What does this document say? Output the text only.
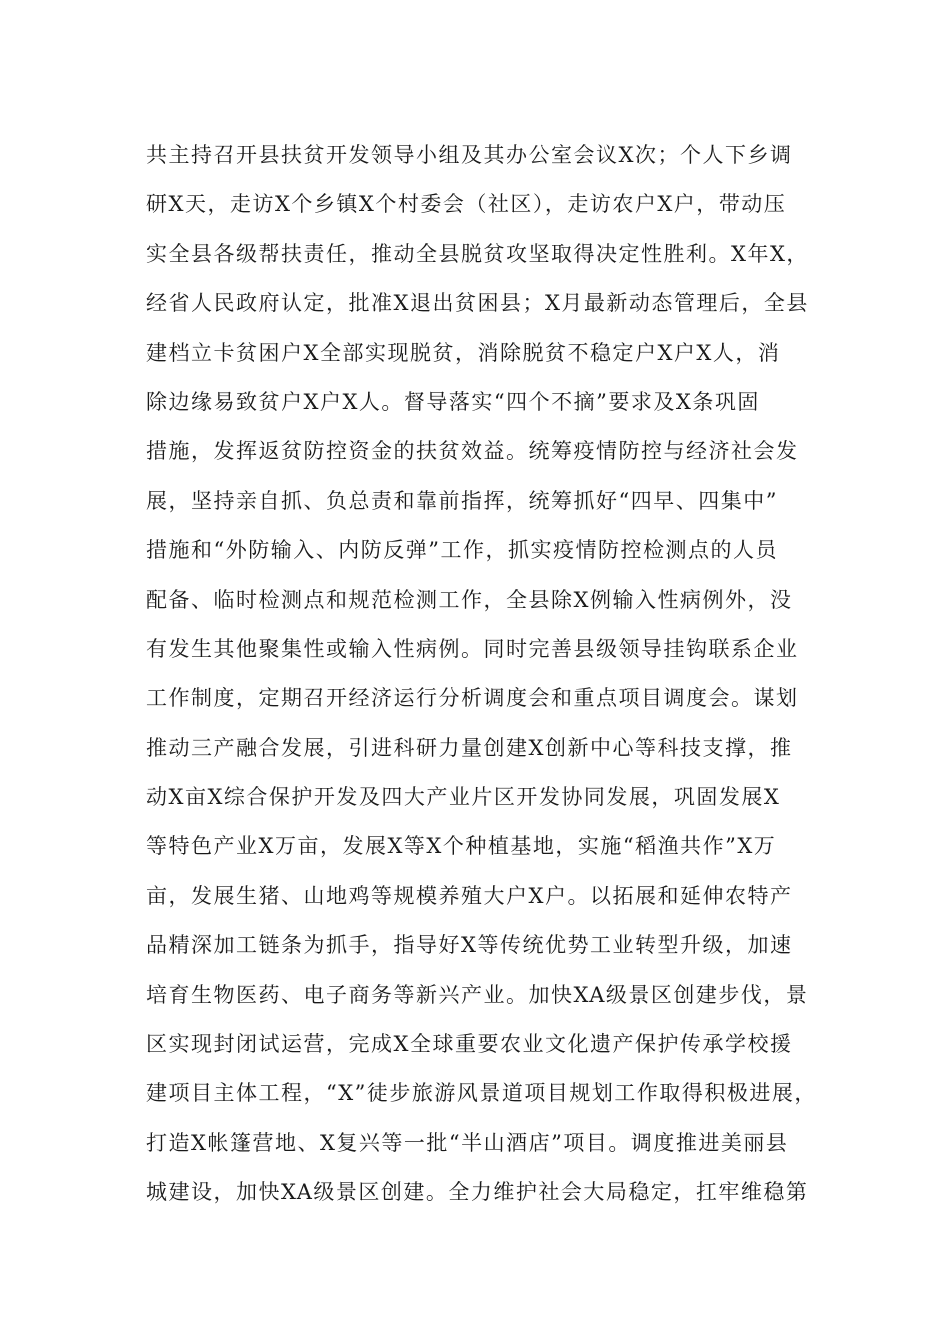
共主持召开县扶贫开发领导小组及其办公室会议X次；个人下乡调
研X天，走访X个乡镇X个村委会（社区），走访农户X户，带动压
实全县各级帮扶责任，推动全县脱贫攻坚取得决定性胜利。X年X，
经省人民政府认定，批准X退出贫困县；X月最新动态管理后，全县
建档立卡贫困户X全部实现脱贫，消除脱贫不稳定户X户X人，消
除边缘易致贫户X户X人。督导落实“四个不摘”要求及X条巩固
措施，发挥返贫防控资金的扶贫效益。统筹疫情防控与经济社会发
展，坚持亲自抓、负总责和靠前指挥，统筹抓好“四早、四集中”
措施和“外防输入、内防反弹”工作，抓实疫情防控检测点的人员
配备、临时检测点和规范检测工作，全县除X例输入性病例外，没
有发生其他聚集性或输入性病例。同时完善县级领导挂钩联系企业
工作制度，定期召开经济运行分析调度会和重点项目调度会。谋划
推动三产融合发展，引进科研力量创建X创新中心等科技支撑，推
动X亩X综合保护开发及四大产业片区开发协同发展，巩固发展X
等特色产业X万亩，发展X等X个种植基地，实施“稻渔共作”X万
亩，发展生猪、山地鸡等规模养殖大户X户。以拓展和延伸农特产
品精深加工链条为抓手，指导好X等传统优势工业转型升级，加速
培育生物医药、电子商务等新兴产业。加快XA级景区创建步伐，景
区实现封闭试运营，完成X全球重要农业文化遗产保护传承学校援
建项目主体工程，“X”徒步旅游风景道项目规划工作取得积极进展，
打造X帐篷营地、X复兴等一批“半山酒店”项目。调度推进美丽县
城建设，加快XA级景区创建。全力维护社会大局稳定，扛牢维稳第
